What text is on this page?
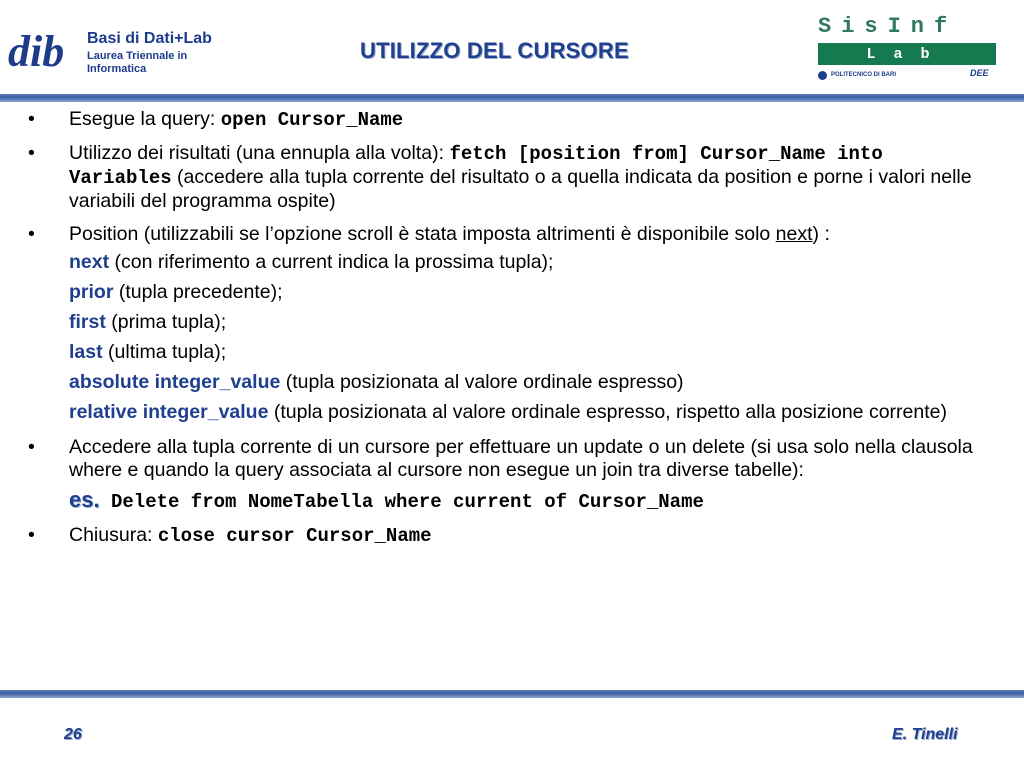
dib Basi di Dati+Lab
Laurea Triennale in Informatica
UTILIZZO DEL CURSORE
SisInf
Lab
POLITECNICO DI BARI	DEE
• Esegue la query: open Cursor_Name
• Utilizzo dei risultati (una ennupla alla volta): fetch [position from] Cursor_Name into Variables (accedere alla tupla corrente del risultato o a quella indicata da position e porne i valori nelle variabili del programma ospite)
• Position (utilizzabili se l’opzione scroll è stata imposta altrimenti è disponibile solo next) :
next (con riferimento a current indica la prossima tupla);
prior (tupla precedente);
first (prima tupla);
last (ultima tupla);
absolute integer_value (tupla posizionata al valore ordinale espresso)
relative integer_value (tupla posizionata al valore ordinale espresso, rispetto alla posizione corrente)
• Accedere alla tupla corrente di un cursore per effettuare un update o un delete (si usa solo nella clausola where e quando la query associata al cursore non esegue un join tra diverse tabelle):
es. Delete from NomeTabella where current of Cursor_Name
• Chiusura: close cursor Cursor_Name
26	E. Tinelli
